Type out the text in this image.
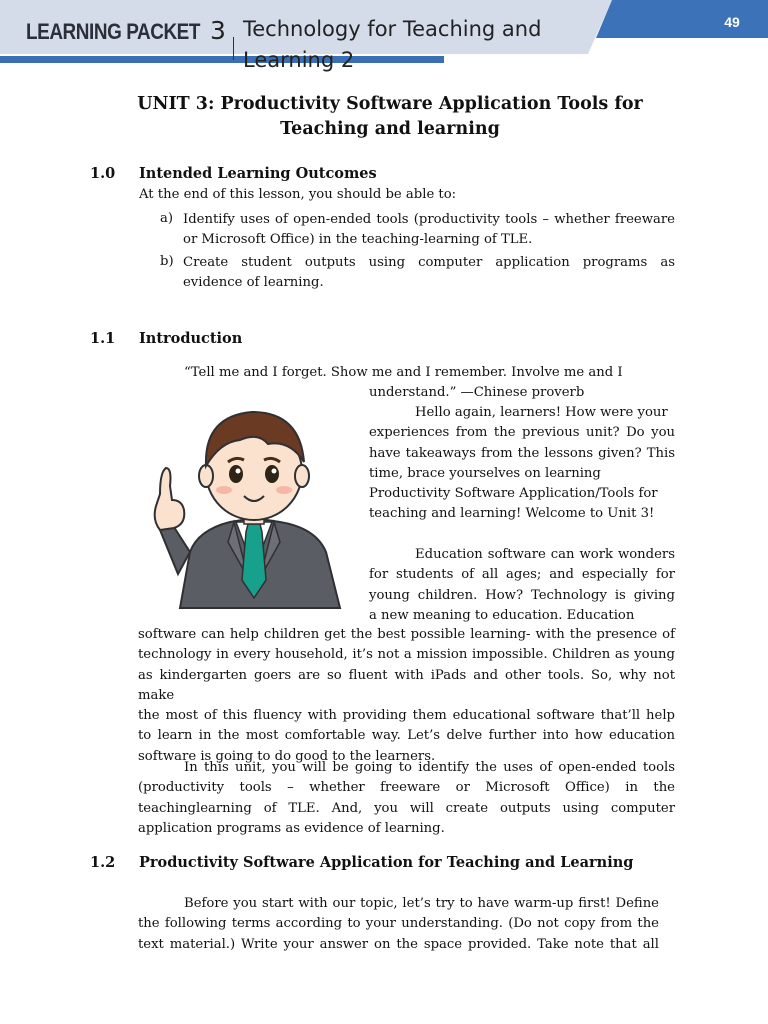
LEARNING PACKET 3 Technology for Teaching and
Learning 2
49
UNIT 3: Productivity Software Application Tools for
Teaching and learning
1.0 Intended Learning Outcomes
At the end of this lesson, you should be able to:
a) Identify uses of open-ended tools (productivity tools – whether freeware
or Microsoft Office) in the teaching-learning of TLE.
b) Create student outputs using computer application programs as
evidence of learning.
1.1 Introduction
“Tell me and I forget. Show me and I remember. Involve me and I
understand.” —Chinese proverb
Hello again, learners! How were your
experiences from the previous unit? Do you
have takeaways from the lessons given? This
time, brace yourselves on learning
Productivity Software Application/Tools for
teaching and learning! Welcome to Unit 3!
Education software can work wonders
for students of all ages; and especially for
young children. How? Technology is giving
a new meaning to education. Education
software can help children get the best possible learning- with the presence of
technology in every household, it’s not a mission impossible. Children as young
as kindergarten goers are so fluent with iPads and other tools. So, why not make
the most of this fluency with providing them educational software that’ll help
to learn in the most comfortable way. Let’s delve further into how education
software is going to do good to the learners.
In this unit, you will be going to identify the uses of open-ended tools
(productivity tools – whether freeware or Microsoft Office) in the
teachinglearning of TLE. And, you will create outputs using computer
application programs as evidence of learning.
1.2 Productivity Software Application for Teaching and Learning
Before you start with our topic, let’s try to have warm-up first! Define
the following terms according to your understanding. (Do not copy from the
text material.) Write your answer on the space provided. Take note that all
